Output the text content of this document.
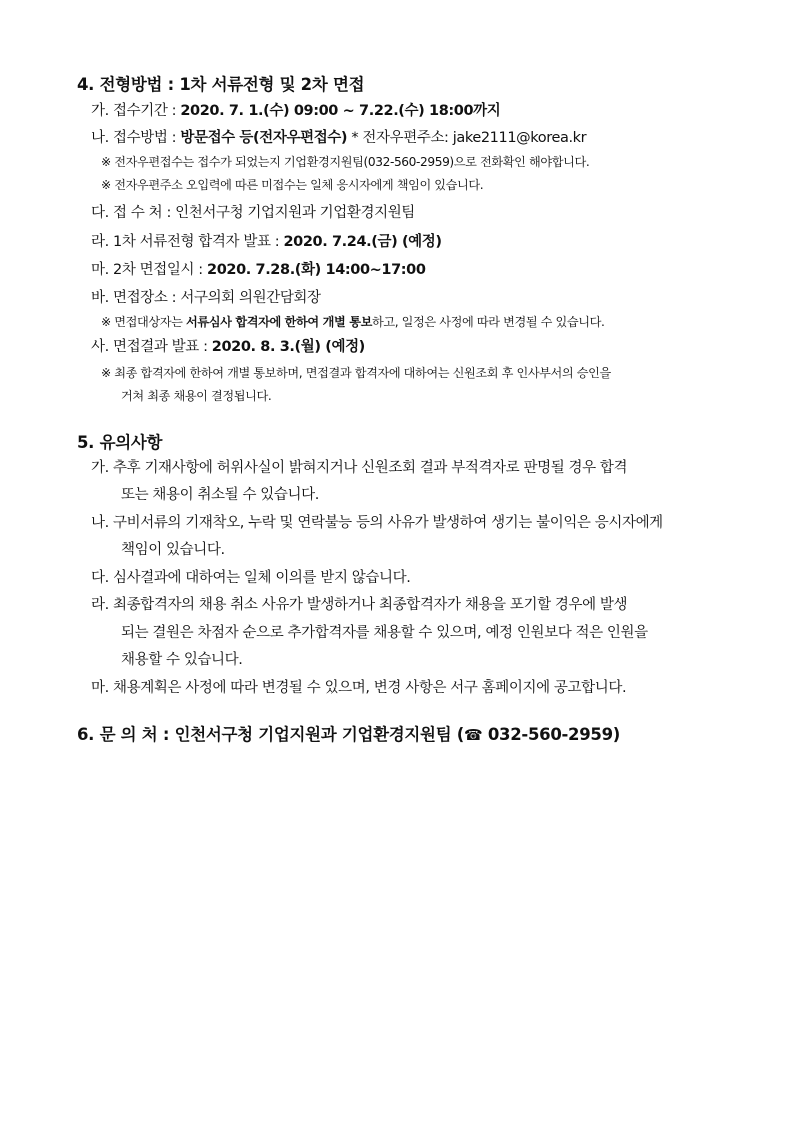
4. 전형방법 : 1차 서류전형 및 2차 면접
가. 접수기간 : 2020. 7. 1.(수) 09:00 ~ 7.22.(수) 18:00까지
나. 접수방법 : 방문접수 등(전자우편접수) * 전자우편주소: jake2111@korea.kr
※ 전자우편접수는 접수가 되었는지 기업환경지원팀(032-560-2959)으로 전화확인 해야합니다.
※ 전자우편주소 오입력에 따른 미접수는 일체 응시자에게 책임이 있습니다.
다. 접 수 처 : 인천서구청 기업지원과 기업환경지원팀
라. 1차 서류전형 합격자 발표 : 2020. 7.24.(금) (예정)
마. 2차 면접일시 : 2020. 7.28.(화) 14:00~17:00
바. 면접장소 : 서구의회 의원간담회장
※ 면접대상자는 서류심사 합격자에 한하여 개별 통보하고, 일정은 사정에 따라 변경될 수 있습니다.
사. 면접결과 발표 : 2020. 8. 3.(월) (예정)
※ 최종 합격자에 한하여 개별 통보하며, 면접결과 합격자에 대하여는 신원조회 후 인사부서의 승인을
거쳐 최종 채용이 결정됩니다.
5. 유의사항
가. 추후 기재사항에 허위사실이 밝혀지거나 신원조회 결과 부적격자로 판명될 경우 합격
또는 채용이 취소될 수 있습니다.
나. 구비서류의 기재착오, 누락 및 연락불능 등의 사유가 발생하여 생기는 불이익은 응시자에게
책임이 있습니다.
다. 심사결과에 대하여는 일체 이의를 받지 않습니다.
라. 최종합격자의 채용 취소 사유가 발생하거나 최종합격자가 채용을 포기할 경우에 발생
되는 결원은 차점자 순으로 추가합격자를 채용할 수 있으며, 예정 인원보다 적은 인원을
채용할 수 있습니다.
마. 채용계획은 사정에 따라 변경될 수 있으며, 변경 사항은 서구 홈페이지에 공고합니다.
6. 문 의 처 : 인천서구청 기업지원과 기업환경지원팀 (☎ 032-560-2959)
